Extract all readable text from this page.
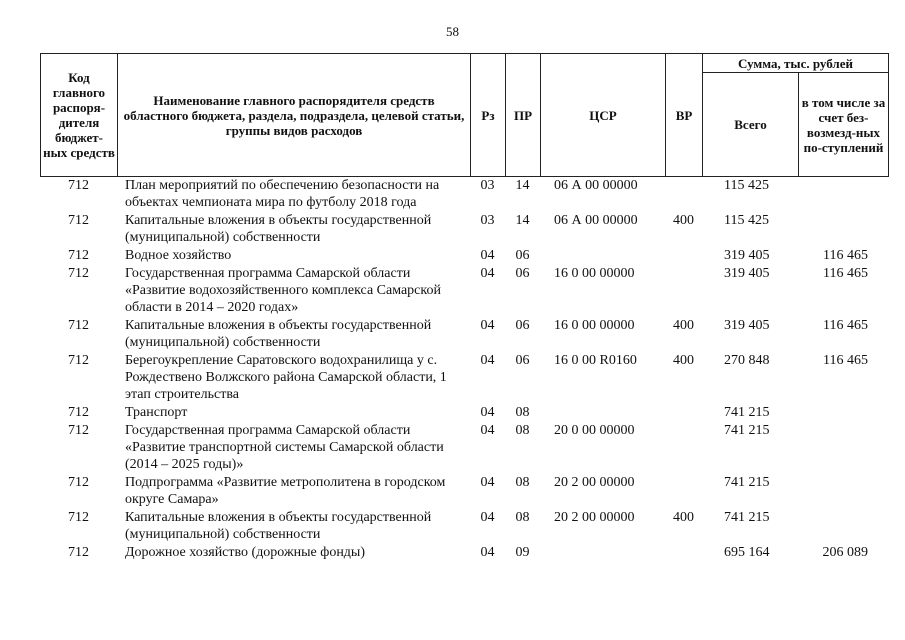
58
Код главного распоря-дителя бюджет-ных средств	Наименование главного распорядителя средств областного бюджета, раздела, подраздела, целевой статьи, группы видов расходов	Рз	ПР	ЦСР	ВР	Сумма, тыс. рублей	
						Всего	в том числе за счет без-возмезд-ных по-ступлений
712	План мероприятий по обеспечению безопасности на объектах чемпионата мира по футболу 2018 года	03	14	06 А 00 00000		115 425	
712	Капитальные вложения в объекты государственной (муниципальной) собственности	03	14	06 А 00 00000	400	115 425	
712	Водное хозяйство	04	06			319 405	116 465
712	Государственная программа Самарской области «Развитие водохозяйственного комплекса Самарской области в 2014 – 2020 годах»	04	06	16 0 00 00000		319 405	116 465
712	Капитальные вложения в объекты государственной (муниципальной) собственности	04	06	16 0 00 00000	400	319 405	116 465
712	Берегоукрепление Саратовского водохранилища у с. Рождествено Волжского района Самарской области, 1 этап строительства	04	06	16 0 00 R0160	400	270 848	116 465
712	Транспорт	04	08			741 215	
712	Государственная программа Самарской области «Развитие транспортной системы Самарской области (2014 – 2025 годы)»	04	08	20 0 00 00000		741 215	
712	Подпрограмма «Развитие метрополитена в городском округе Самара»	04	08	20 2 00 00000		741 215	
712	Капитальные вложения в объекты государственной (муниципальной) собственности	04	08	20 2 00 00000	400	741 215	
712	Дорожное хозяйство (дорожные фонды)	04	09			695 164	206 089
